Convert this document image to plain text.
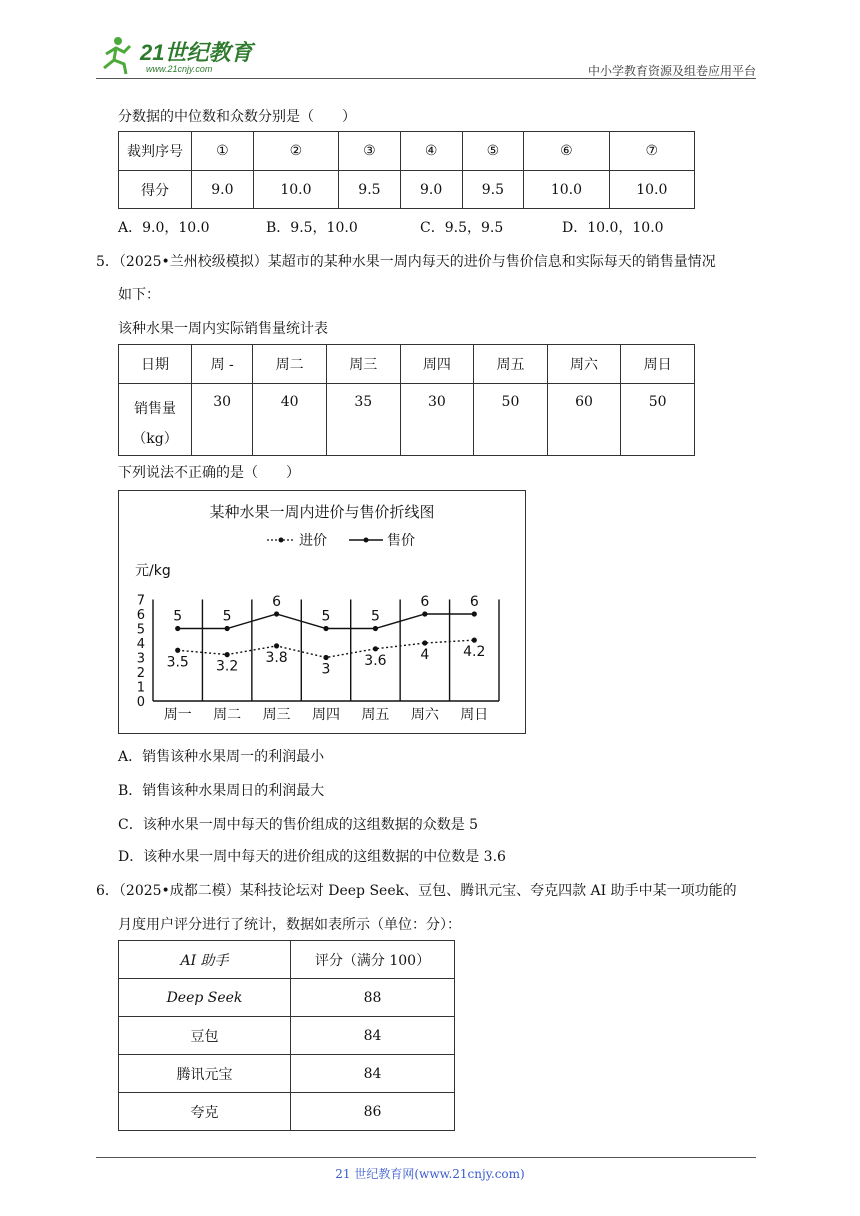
21世纪教育
www.21cnjy.com	中小学教育资源及组卷应用平台
分数据的中位数和众数分别是（　　）
裁判序号	①	②	③	④	⑤	⑥	⑦
得分	9.0	10.0	9.5	9.0	9.5	10.0	10.0
A．9.0，10.0	B．9.5，10.0	C．9.5，9.5	D．10.0，10.0
5．（2025•兰州校级模拟）某超市的某种水果一周内每天的进价与售价信息和实际每天的销售量情况
如下：
该种水果一周内实际销售量统计表
日期	周 -	周二	周三	周四	周五	周六	周日

销售量
（kg）	30	40	35	30	50	60	50
下列说法不正确的是（　　）
某种水果一周内进价与售价折线图
进价	售价
元/kg
0
1
2
3
4
5
6
7
周一 周二 周三 周四 周五 周六 周日
3.5 3.2
3.8
3
3.6 4 4.2
5	5
6
5	5
6	6
A．销售该种水果周一的利润最小
B．销售该种水果周日的利润最大
C．该种水果一周中每天的售价组成的这组数据的众数是 5
D．该种水果一周中每天的进价组成的这组数据的中位数是 3.6
6．（2025•成都二模）某科技论坛对 Deep Seek、豆包、腾讯元宝、夸克四款 AI 助手中某一项功能的
月度用户评分进行了统计，数据如表所示（单位：分）：
AI 助手	评分（满分 100）
Deep Seek	88
豆包	84
腾讯元宝	84
夸克	86
21 世纪教育网(www.21cnjy.com)
